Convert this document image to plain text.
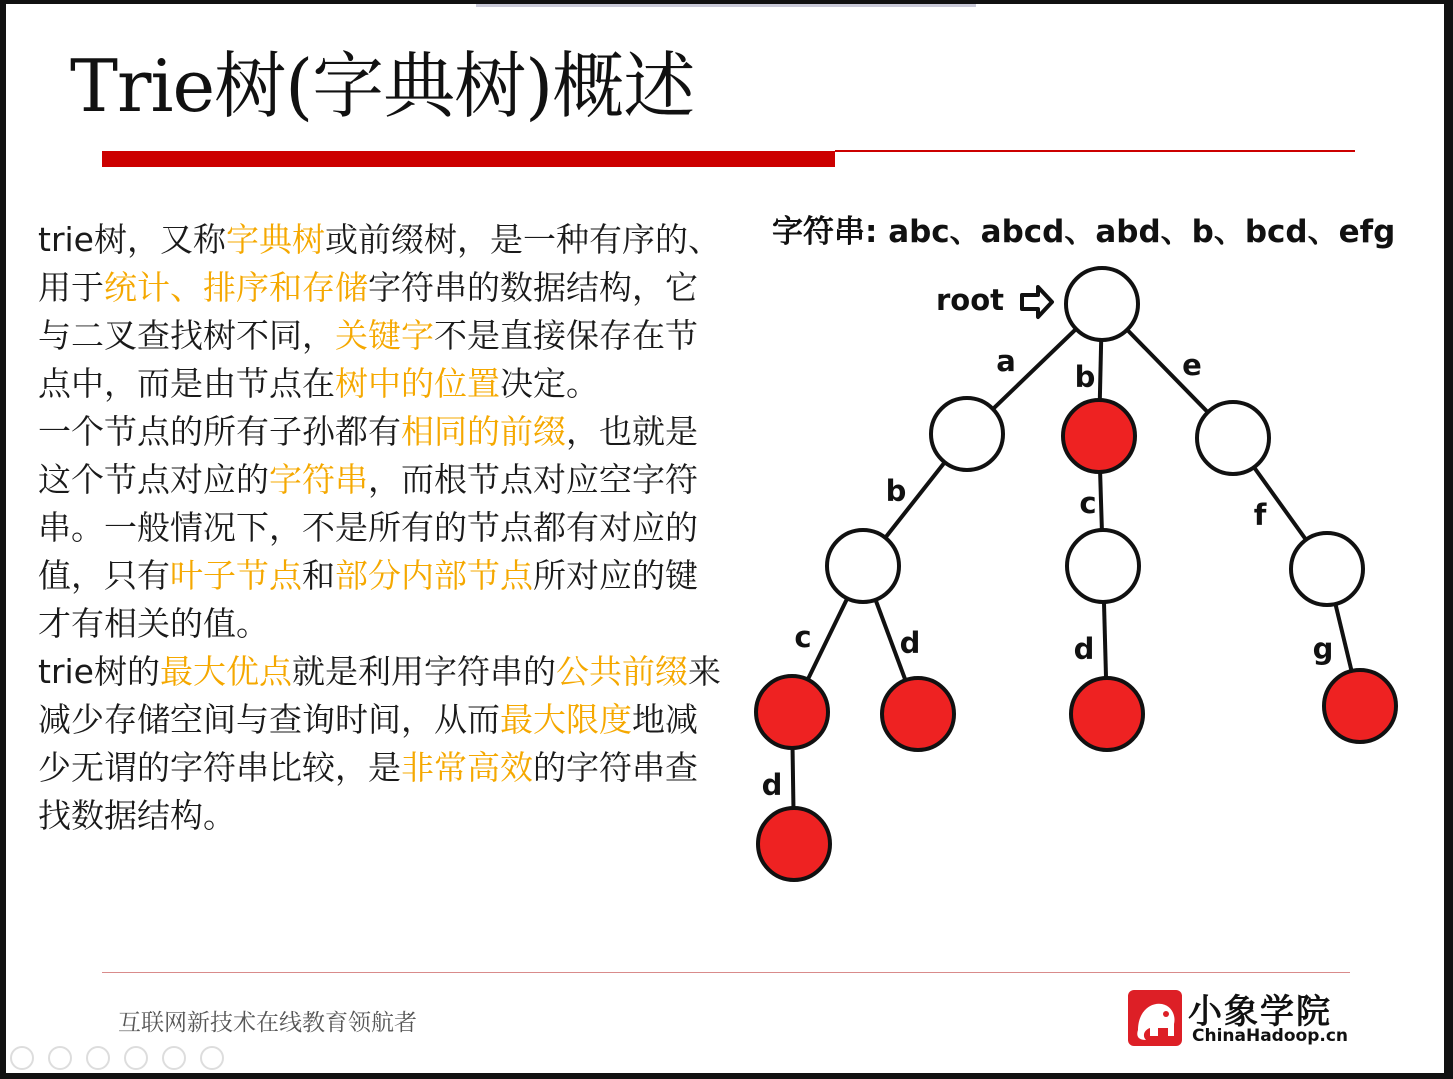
Trie树(字典树)概述

trie树，又称字典树或前缀树，是一种有序的、用于统计、排序和存储字符串的数据结构，它与二叉查找树不同，关键字不是直接保存在节点中，而是由节点在树中的位置决定。

一个节点的所有子孙都有相同的前缀，也就是这个节点对应的字符串，而根节点对应空字符串。一般情况下，不是所有的节点都有对应的值，只有叶子节点和部分内部节点所对应的键才有相关的值。

trie树的最大优点就是利用字符串的公共前缀来减少存储空间与查询时间，从而最大限度地减少无谓的字符串比较，是非常高效的字符串查找数据结构。

字符串: abc、abcd、abd、b、bcd、efg
root
a b	e
b	c	f
c	d	d	g
d
互联网新技术在线教育领航者	小象学院
ChinaHadoop.cn
https://blog.csdn.net/weixin_43213056
